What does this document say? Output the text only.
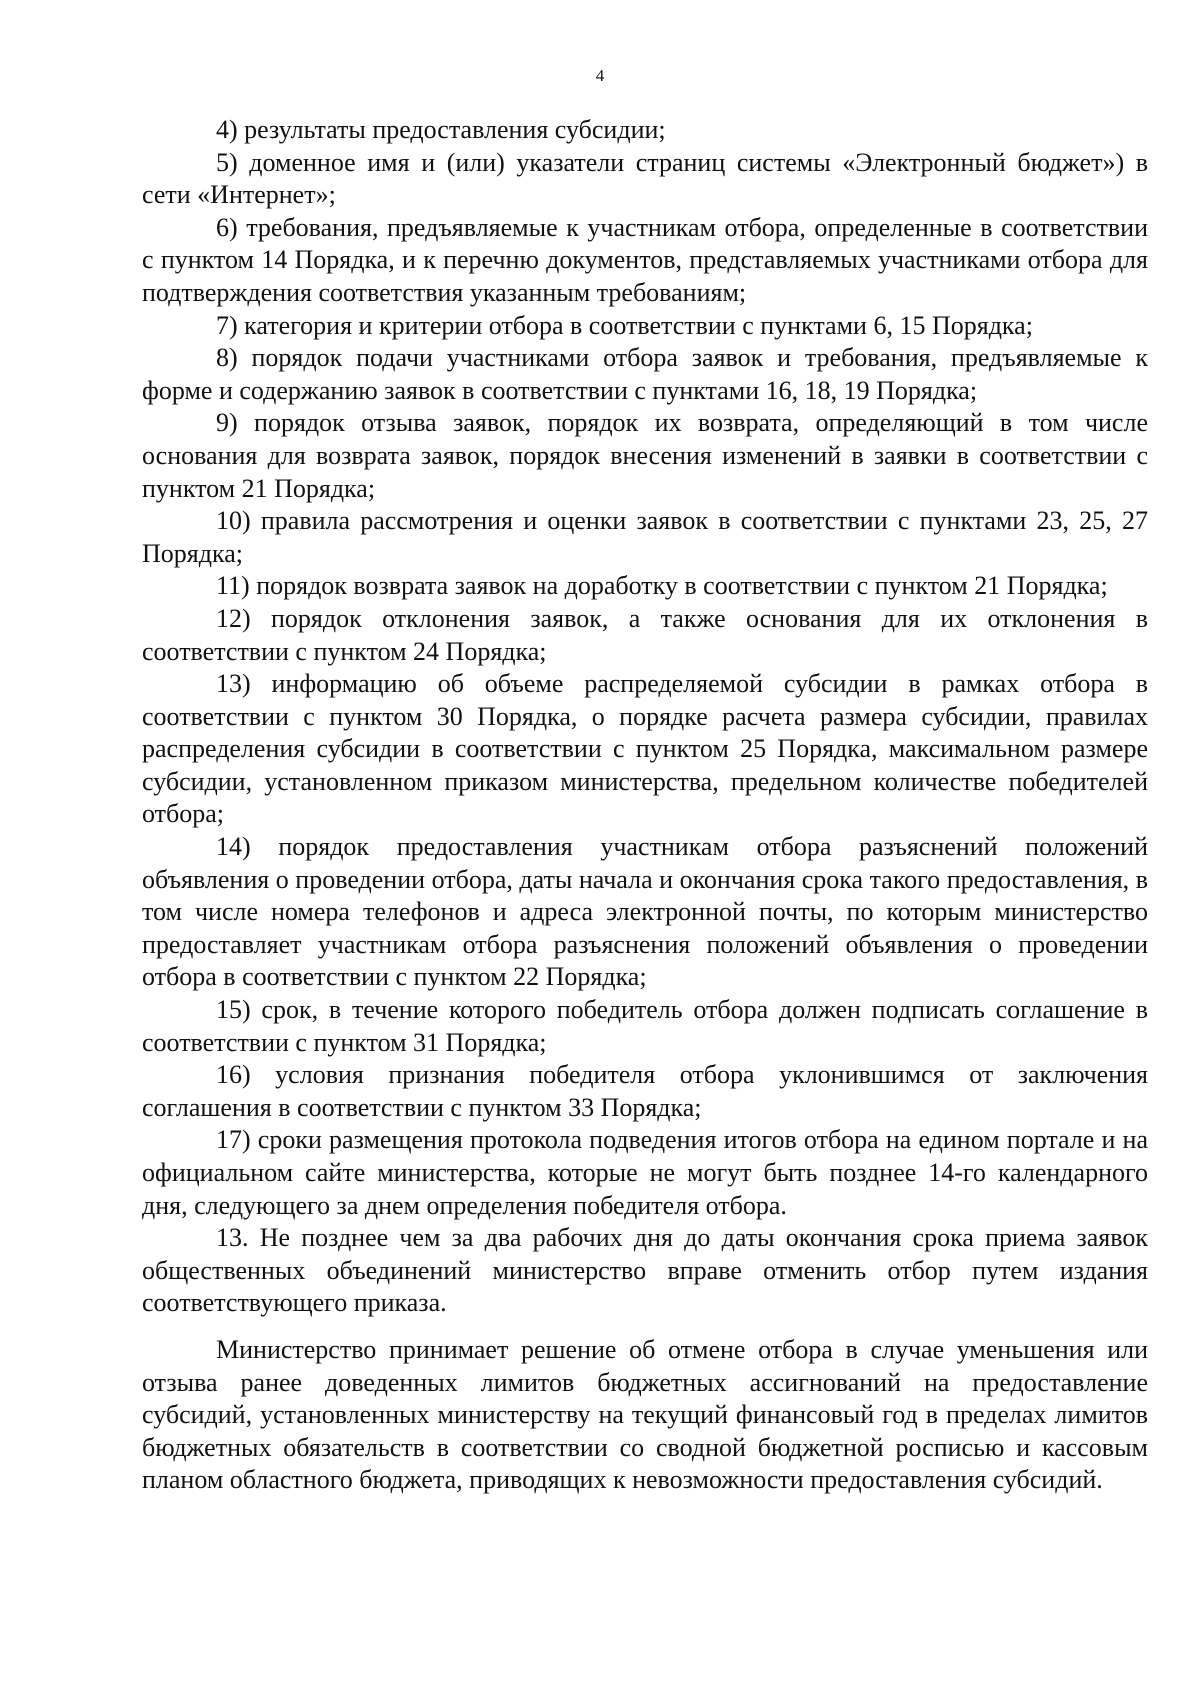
4

4) результаты предоставления субсидии;

5) доменное имя и (или) указатели страниц системы «Электронный бюджет») в сети «Интернет»;

6) требования, предъявляемые к участникам отбора, определенные в соответствии с пунктом 14 Порядка, и к перечню документов, представляемых участниками отбора для подтверждения соответствия указанным требованиям;

7) категория и критерии отбора в соответствии с пунктами 6, 15 Порядка;

8) порядок подачи участниками отбора заявок и требования, предъявляемые к форме и содержанию заявок в соответствии с пунктами 16, 18, 19 Порядка;

9) порядок отзыва заявок, порядок их возврата, определяющий в том числе основания для возврата заявок, порядок внесения изменений в заявки в соответствии с пунктом 21 Порядка;

10) правила рассмотрения и оценки заявок в соответствии с пунктами 23, 25, 27 Порядка;

11) порядок возврата заявок на доработку в соответствии с пунктом 21 Порядка;

12) порядок отклонения заявок, а также основания для их отклонения в соответствии с пунктом 24 Порядка;

13) информацию об объеме распределяемой субсидии в рамках отбора в соответствии с пунктом 30 Порядка, о порядке расчета размера субсидии, правилах распределения субсидии в соответствии с пунктом 25 Порядка, максимальном размере субсидии, установленном приказом министерства, предельном количестве победителей отбора;

14) порядок предоставления участникам отбора разъяснений положений объявления о проведении отбора, даты начала и окончания срока такого предоставления, в том числе номера телефонов и адреса электронной почты, по которым министерство предоставляет участникам отбора разъяснения положений объявления о проведении отбора в соответствии с пунктом 22 Порядка;

15) срок, в течение которого победитель отбора должен подписать соглашение в соответствии с пунктом 31 Порядка;

16) условия признания победителя отбора уклонившимся от заключения соглашения в соответствии с пунктом 33 Порядка;

17) сроки размещения протокола подведения итогов отбора на едином портале и на официальном сайте министерства, которые не могут быть позднее 14-го календарного дня, следующего за днем определения победителя отбора.

13. Не позднее чем за два рабочих дня до даты окончания срока приема заявок общественных объединений министерство вправе отменить отбор путем издания соответствующего приказа.

Министерство принимает решение об отмене отбора в случае уменьшения или отзыва ранее доведенных лимитов бюджетных ассигнований на предоставление субсидий, установленных министерству на текущий финансовый год в пределах лимитов бюджетных обязательств в соответствии со сводной бюджетной росписью и кассовым планом областного бюджета, приводящих к невозможности предоставления субсидий.
